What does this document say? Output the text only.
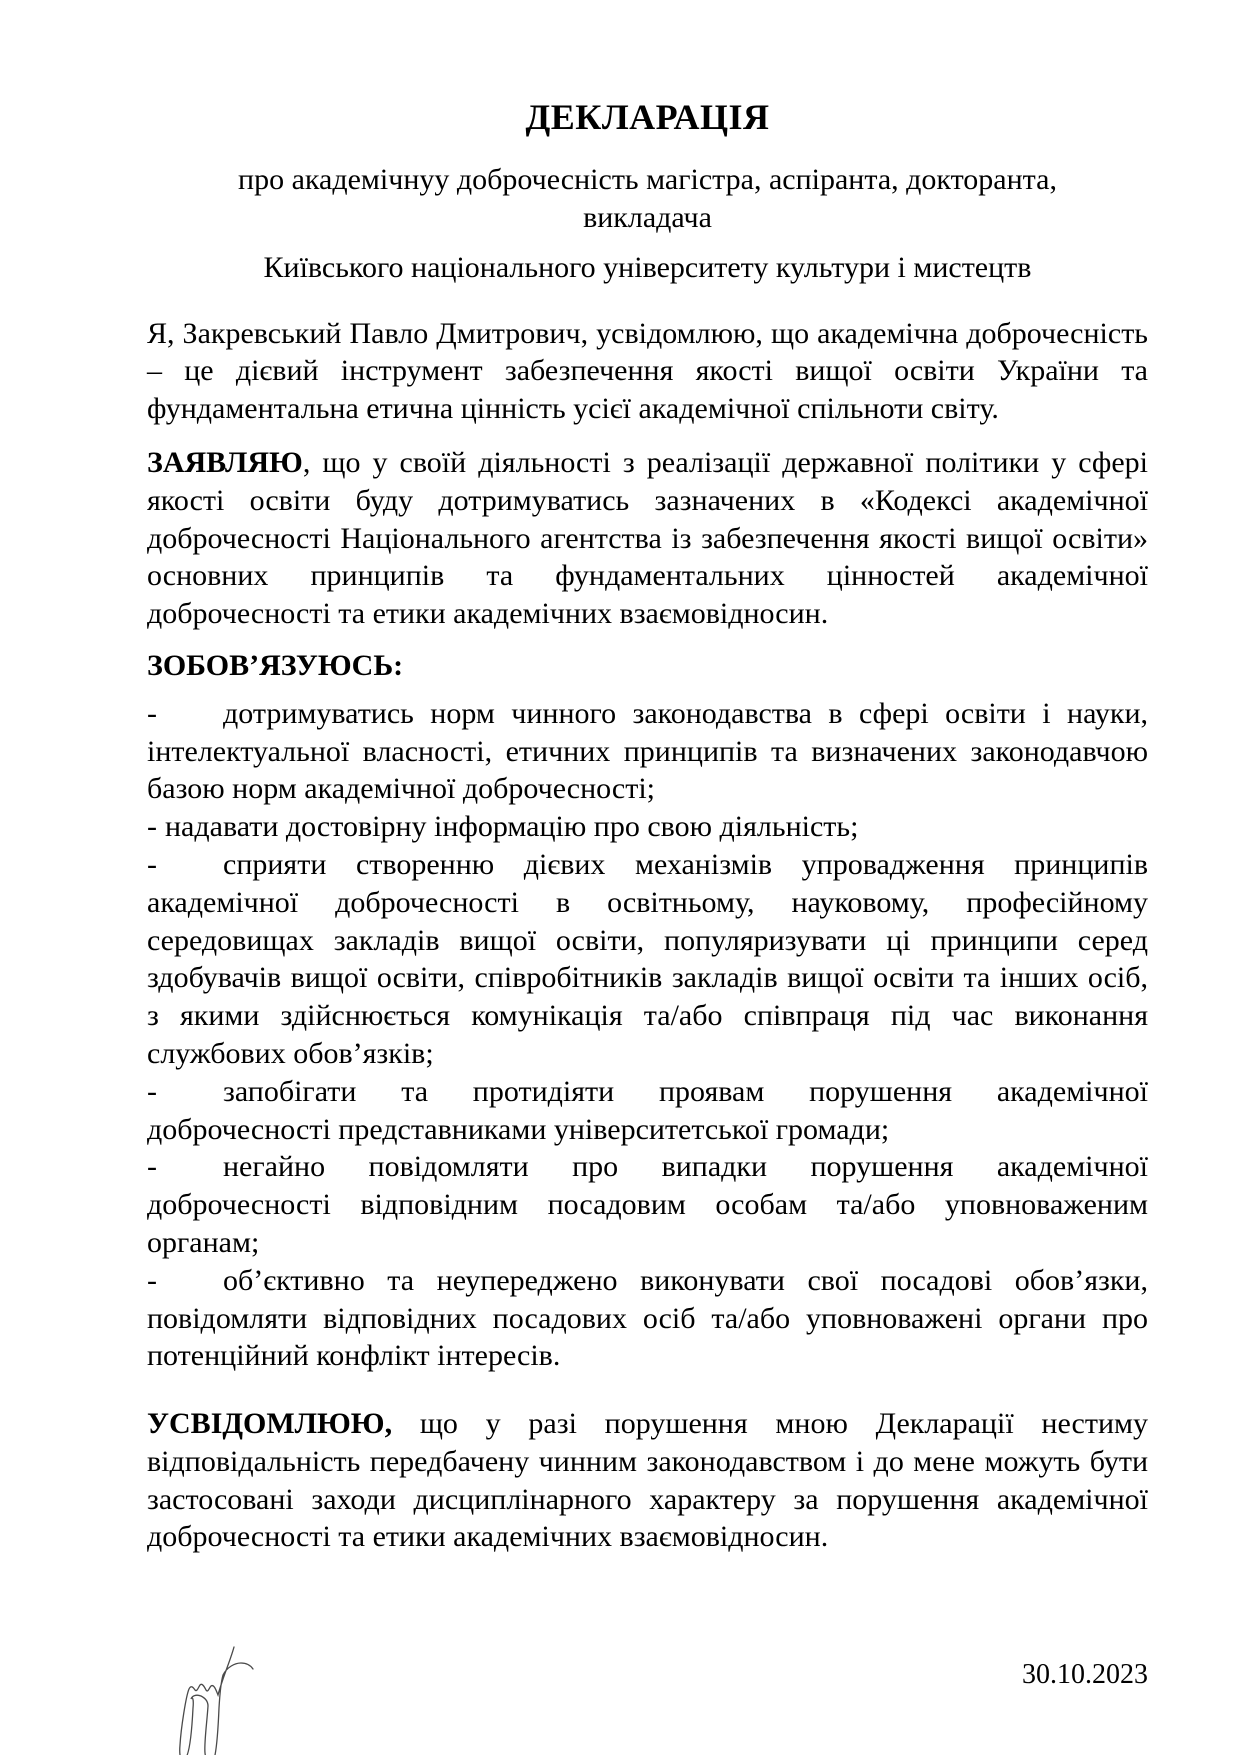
ДЕКЛАРАЦІЯ

про академічнуу доброчесність магістра, аспіранта, докторанта,
викладача

Київського національного університету культури і мистецтв

Я, Закревський Павло Дмитрович, усвідомлюю, що академічна доброчесність – це дієвий інструмент забезпечення якості вищої освіти України та фундаментальна етична цінність усієї академічної спільноти світу.

ЗАЯВЛЯЮ, що у своїй діяльності з реалізації державної політики у сфері якості освіти буду дотримуватись зазначених в «Кодексі академічної доброчесності Національного агентства із забезпечення якості вищої освіти» основних принципів та фундаментальних цінностей академічної доброчесності та етики академічних взаємовідносин.

ЗОБОВ’ЯЗУЮСЬ:

- дотримуватись норм чинного законодавства в сфері освіти і науки, інтелектуальної власності, етичних принципів та визначених законодавчою базою норм академічної доброчесності;

- надавати достовірну інформацію про свою діяльність;

- сприяти створенню дієвих механізмів упровадження принципів академічної доброчесності в освітньому, науковому, професійному середовищах закладів вищої освіти, популяризувати ці принципи серед здобувачів вищої освіти, співробітників закладів вищої освіти та інших осіб, з якими здійснюється комунікація та/або співпраця під час виконання службових обов’язків;

- запобігати та протидіяти проявам порушення академічної доброчесності представниками університетської громади;

- негайно повідомляти про випадки порушення академічної доброчесності відповідним посадовим особам та/або уповноваженим органам;

- об’єктивно та неупереджено виконувати свої посадові обов’язки, повідомляти відповідних посадових осіб та/або уповноважені органи про потенційний конфлікт інтересів.

УСВІДОМЛЮЮ, що у разі порушення мною Декларації нестиму відповідальність передбачену чинним законодавством і до мене можуть бути застосовані заходи дисциплінарного характеру за порушення академічної доброчесності та етики академічних взаємовідносин.

30.10.2023
